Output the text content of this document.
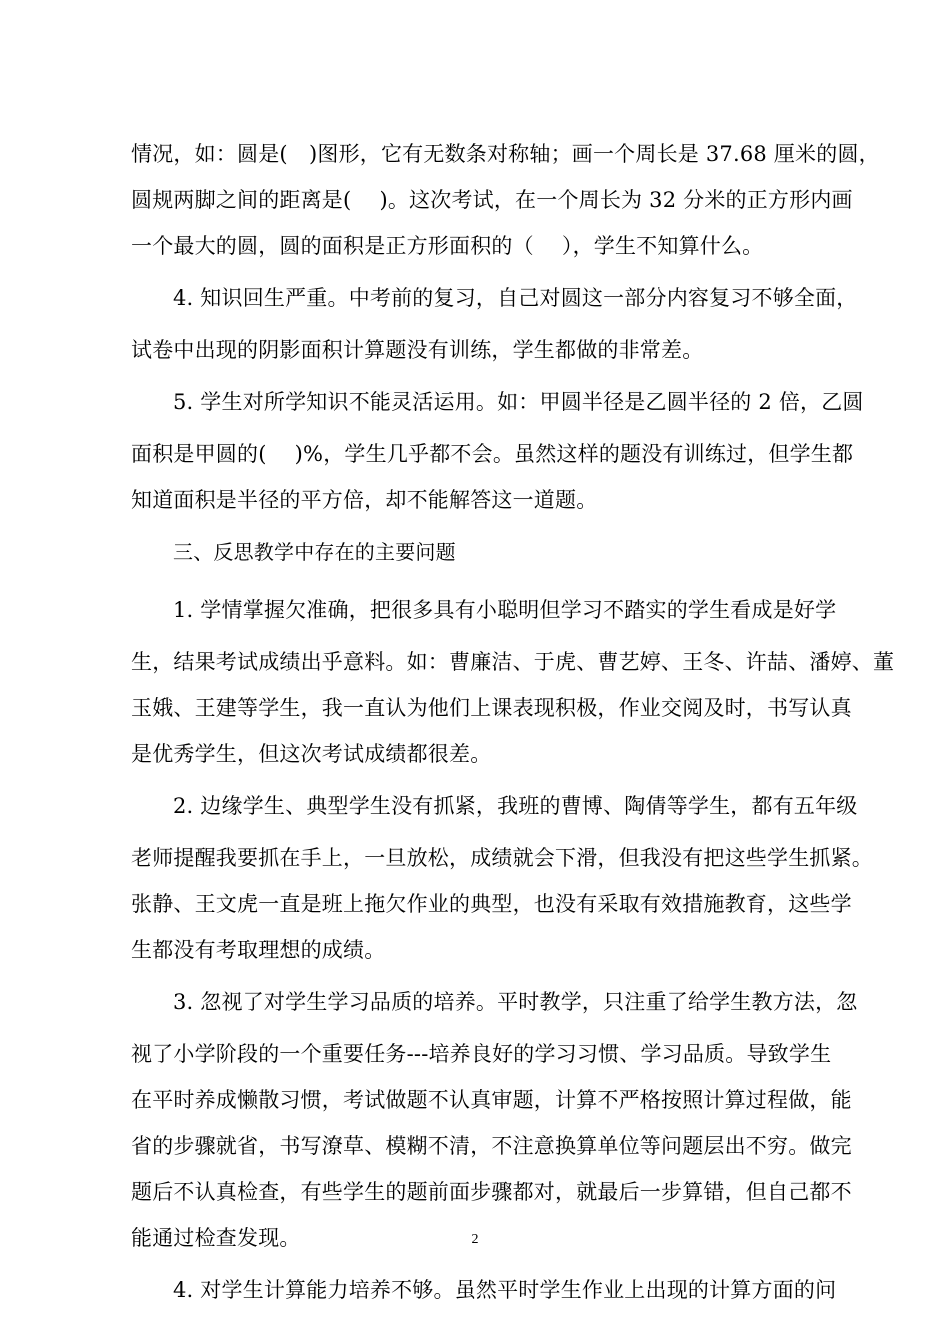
情况，如：圆是(　)图形，它有无数条对称轴；画一个周长是 37.68 厘米的圆，
圆规两脚之间的距离是(　 )。这次考试，在一个周长为 32 分米的正方形内画
一个最大的圆，圆的面积是正方形面积的（　 ），学生不知算什么。
4. 知识回生严重。中考前的复习，自己对圆这一部分内容复习不够全面，
试卷中出现的阴影面积计算题没有训练，学生都做的非常差。
5. 学生对所学知识不能灵活运用。如：甲圆半径是乙圆半径的 2 倍，乙圆
面积是甲圆的(　 )%，学生几乎都不会。虽然这样的题没有训练过，但学生都
知道面积是半径的平方倍，却不能解答这一道题。
三、反思教学中存在的主要问题
1. 学情掌握欠准确，把很多具有小聪明但学习不踏实的学生看成是好学
生，结果考试成绩出乎意料。如：曹廉洁、于虎、曹艺婷、王冬、许喆、潘婷、董
玉娥、王建等学生，我一直认为他们上课表现积极，作业交阅及时，书写认真
是优秀学生，但这次考试成绩都很差。
2. 边缘学生、典型学生没有抓紧，我班的曹博、陶倩等学生，都有五年级
老师提醒我要抓在手上，一旦放松，成绩就会下滑，但我没有把这些学生抓紧。
张静、王文虎一直是班上拖欠作业的典型，也没有采取有效措施教育，这些学
生都没有考取理想的成绩。
3. 忽视了对学生学习品质的培养。平时教学，只注重了给学生教方法，忽
视了小学阶段的一个重要任务---培养良好的学习习惯、学习品质。导致学生
在平时养成懒散习惯，考试做题不认真审题，计算不严格按照计算过程做，能
省的步骤就省，书写潦草、模糊不清，不注意换算单位等问题层出不穷。做完
题后不认真检查，有些学生的题前面步骤都对，就最后一步算错，但自己都不
能通过检查发现。
4. 对学生计算能力培养不够。虽然平时学生作业上出现的计算方面的问
2
